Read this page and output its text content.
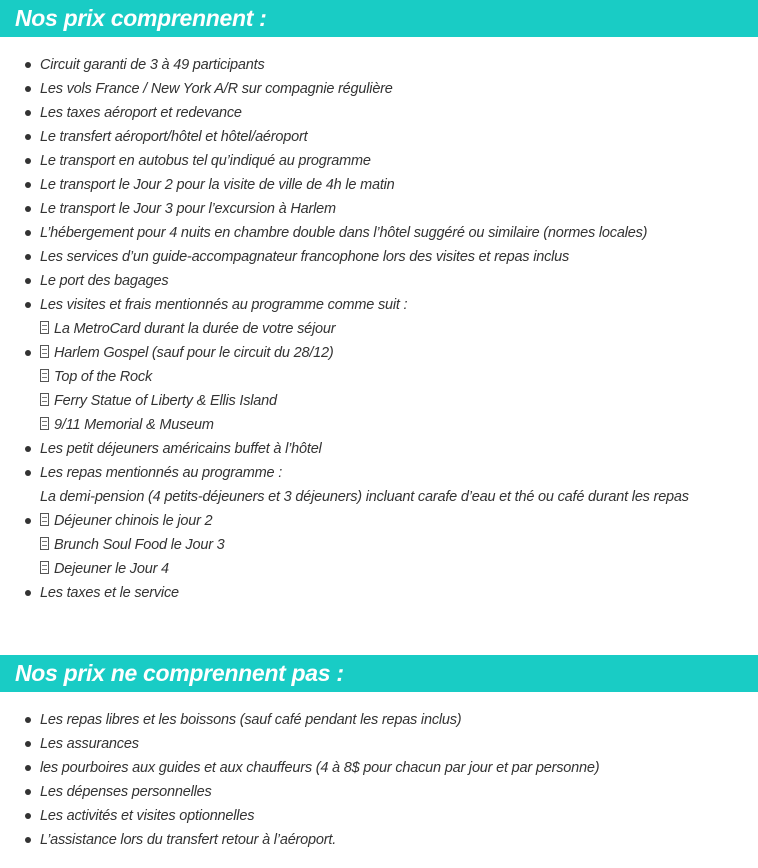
Nos prix comprennent :
Circuit garanti de 3 à 49 participants
Les vols France / New York A/R sur compagnie régulière
Les taxes aéroport et redevance
Le transfert aéroport/hôtel et hôtel/aéroport
Le transport en autobus tel qu’indiqué au programme
Le transport le Jour 2 pour la visite de ville de 4h le matin
Le transport le Jour 3 pour l’excursion à Harlem
L’hébergement pour 4 nuits en chambre double dans l’hôtel suggéré ou similaire (normes locales)
Les services d’un guide-accompagnateur francophone lors des visites et repas inclus
Le port des bagages
Les visites et frais mentionnés au programme comme suit :
La MetroCard durant la durée de votre séjour
Harlem Gospel (sauf pour le circuit du 28/12)
Top of the Rock
Ferry Statue of Liberty & Ellis Island
9/11 Memorial & Museum
Les petit déjeuners américains buffet à l’hôtel
Les repas mentionnés au programme :
La demi-pension (4 petits-déjeuners et 3 déjeuners) incluant carafe d’eau et thé ou café durant les repas
Déjeuner chinois le jour 2
Brunch Soul Food le Jour 3
Dejeuner le Jour 4
Les taxes et le service
Nos prix ne comprennent pas :
Les repas libres et les boissons (sauf café pendant les repas inclus)
Les assurances
les pourboires aux guides et aux chauffeurs (4 à 8$ pour chacun par jour et par personne)
Les dépenses personnelles
Les activités et visites optionnelles
L’assistance lors du transfert retour à l’aéroport.
